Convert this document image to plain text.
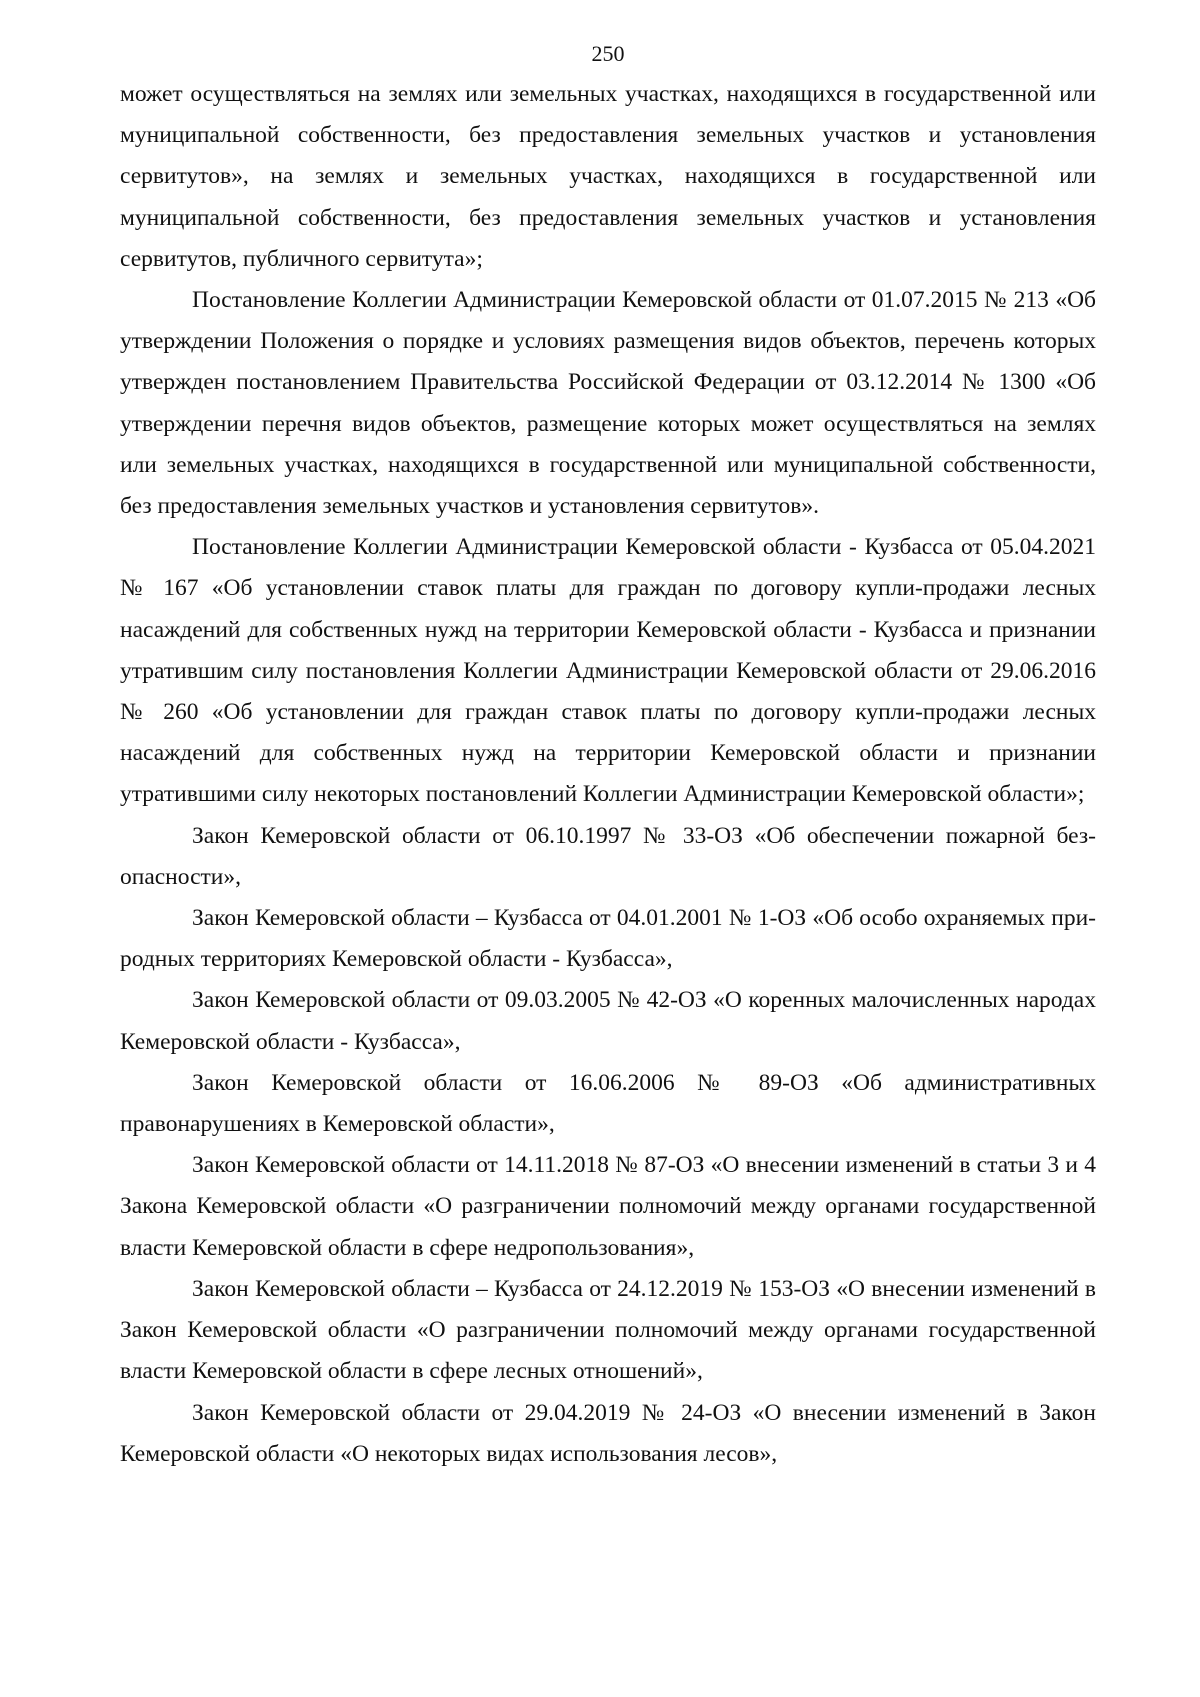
250

может осуществляться на землях или земельных участках, находящихся в государственной или муниципальной собственности, без предоставления земельных участков и установления сервитутов», на землях и земельных участках, находящихся в государственной или муниципальной собственности, без предоставления земельных участков и установления сервитутов, публичного сервитута»;

Постановление Коллегии Администрации Кемеровской области от 01.07.2015 № 213 «Об утверждении Положения о порядке и условиях размещения видов объектов, перечень которых утвержден постановлением Правительства Российской Федерации от 03.12.2014 № 1300 «Об утверждении перечня видов объектов, размещение которых может осуществляться на землях или земельных участках, находящихся в государственной или муниципальной собственности, без предоставления земельных участков и установления сервитутов».

Постановление Коллегии Администрации Кемеровской области - Кузбасса от 05.04.2021 № 167 «Об установлении ставок платы для граждан по договору купли-продажи лесных насаждений для собственных нужд на территории Кемеровской области - Кузбасса и признании утратившим силу постановления Коллегии Администрации Кемеровской области от 29.06.2016 № 260 «Об установлении для граждан ставок платы по договору купли-продажи лесных насаждений для собственных нужд на территории Кемеровской области и признании утратившими силу некоторых постановлений Коллегии Администрации Кемеровской области»;

Закон Кемеровской области от 06.10.1997 № 33-ОЗ «Об обеспечении пожарной без-опасности»,

Закон Кемеровской области – Кузбасса от 04.01.2001 № 1-ОЗ «Об особо охраняемых при-родных территориях Кемеровской области - Кузбасса»,

Закон Кемеровской области от 09.03.2005 № 42-ОЗ «О коренных малочисленных народах Кемеровской области - Кузбасса»,

Закон Кемеровской области от 16.06.2006 № 89-ОЗ «Об административных правонарушениях в Кемеровской области»,

Закон Кемеровской области от 14.11.2018 № 87-ОЗ «О внесении изменений в статьи 3 и 4 Закона Кемеровской области «О разграничении полномочий между органами государственной власти Кемеровской области в сфере недропользования»,

Закон Кемеровской области – Кузбасса от 24.12.2019 № 153-ОЗ «О внесении изменений в Закон Кемеровской области «О разграничении полномочий между органами государственной власти Кемеровской области в сфере лесных отношений»,

Закон Кемеровской области от 29.04.2019 № 24-ОЗ «О внесении изменений в Закон Кемеровской области «О некоторых видах использования лесов»,
